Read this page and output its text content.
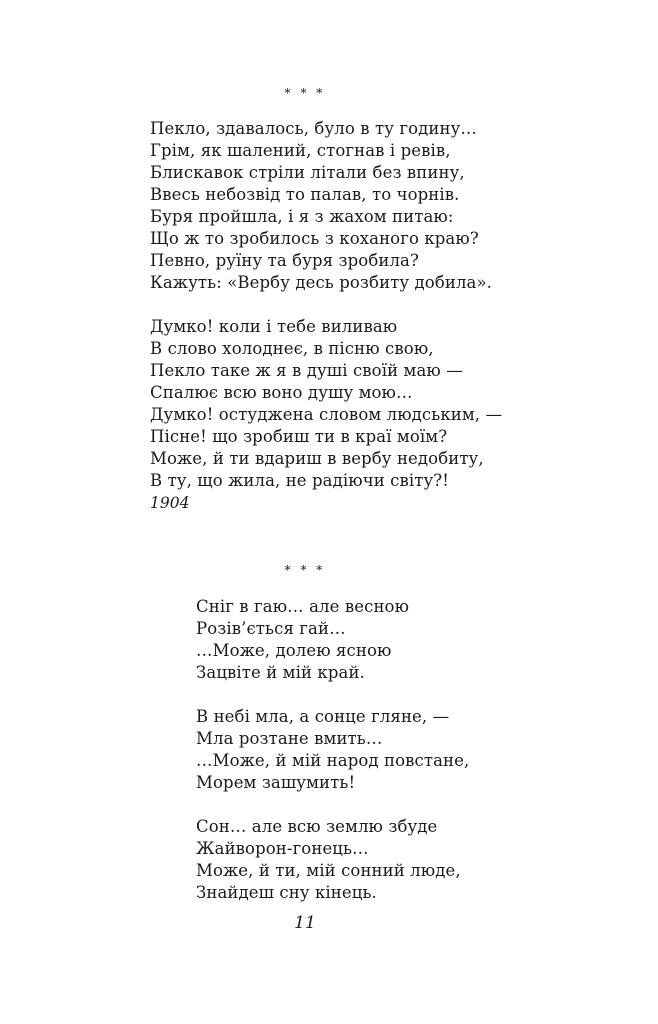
* * *
Пекло, здавалось, було в ту годину…
Грім, як шалений, стогнав і ревів,
Блискавок стріли літали без впину,
Ввесь небозвід то палав, то чорнів.
Буря пройшла, і я з жахом питаю:
Що ж то зробилось з коханого краю?
Певно, руїну та буря зробила?
Кажуть: «Вербу десь розбиту добила».
Думко! коли і тебе виливаю
В слово холоднеє, в пісню свою,
Пекло таке ж я в душі своїй маю —
Спалює всю воно душу мою…
Думко! остуджена словом людським, —
Пісне! що зробиш ти в краї моїм?
Може, й ти вдариш в вербу недобиту,
В ту, що жила, не радіючи світу?!
1904
* * *
Сніг в гаю… але весною
Розів’ється гай…
…Може, долею ясною
Зацвіте й мій край.
В небі мла, а сонце гляне, —
Мла розтане вмить…
…Може, й мій народ повстане,
Морем зашумить!
Сон… але всю землю збуде
Жайворон-гонець…
Може, й ти, мій сонний люде,
Знайдеш сну кінець.
11
